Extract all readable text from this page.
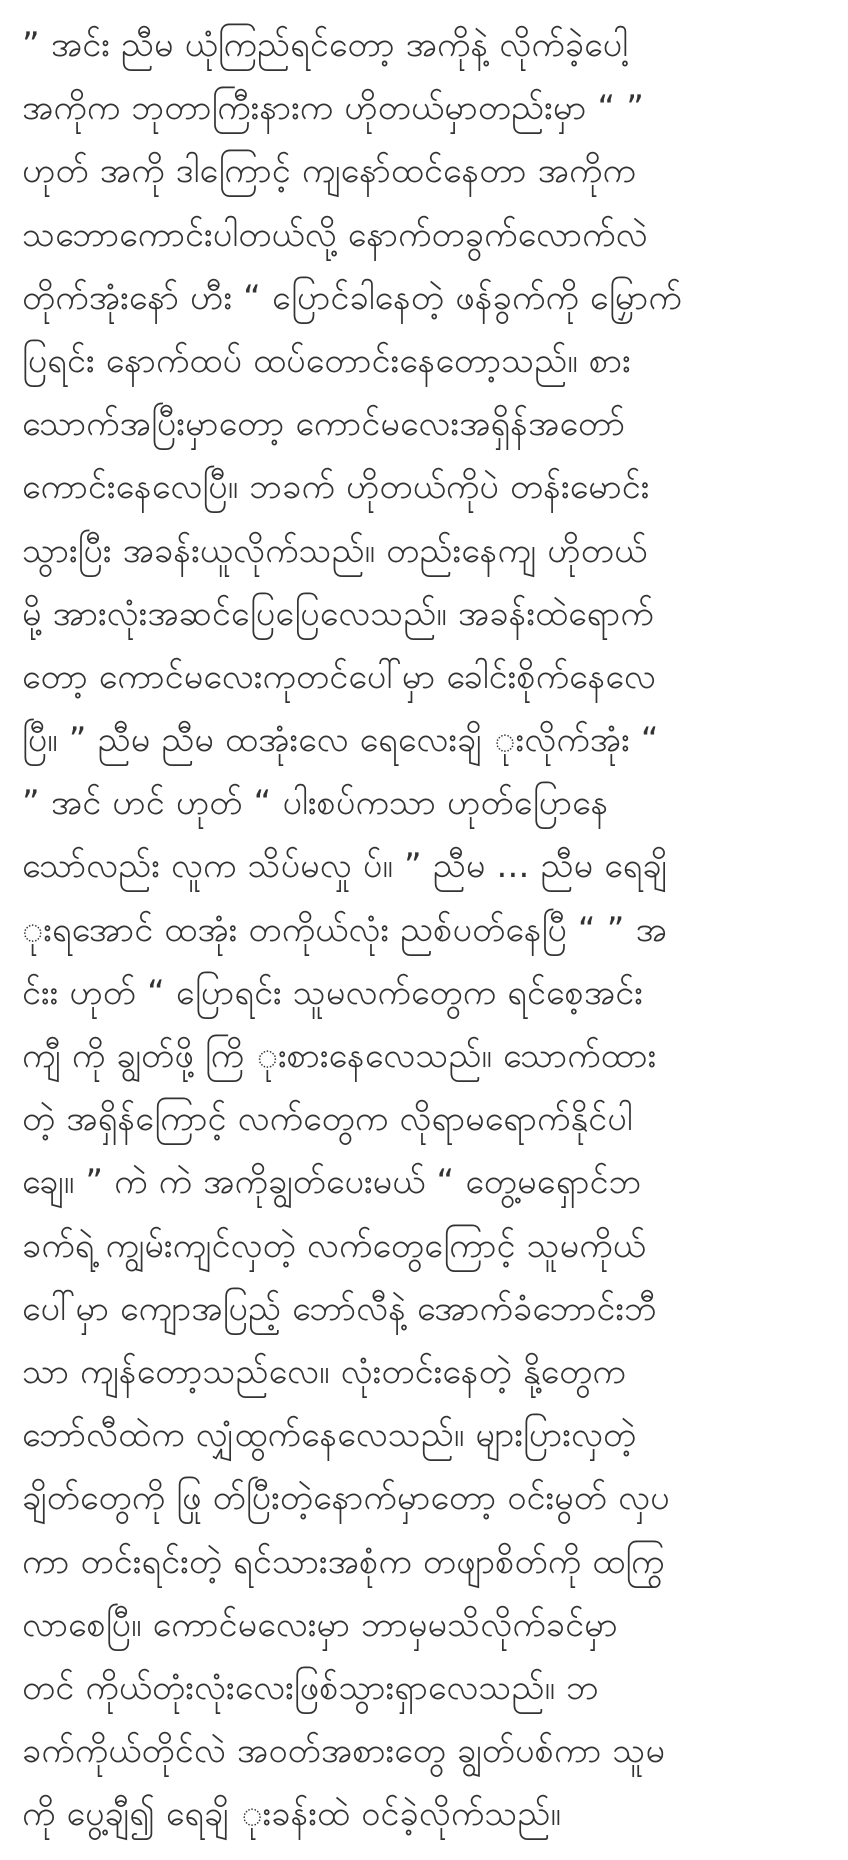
” အင်း ညီမ ယုံကြည်ရင်တော့ အကိုနဲ့ လိုက်ခဲ့ပေါ့
အကိုက ဘုတာကြီးနားက ဟိုတယ်မှာတည်းမှာ “ ”
ဟုတ် အကို ဒါကြောင့် ကျနော်ထင်နေတာ အကိုက
သဘောကောင်းပါတယ်လို့ နောက်တခွက်လောက်လဲ
တိုက်အုံးနော် ဟီး “ ပြောင်ခါနေတဲ့ ဖန်ခွက်ကို မြှောက်
ပြရင်း နောက်ထပ် ထပ်တောင်းနေတော့သည်။ စား
သောက်အပြီးမှာတော့ ကောင်မလေးအရှိန်အတော်
ကောင်းနေလေပြီ။ ဘခက် ဟိုတယ်ကိုပဲ တန်းမောင်း
သွားပြီး အခန်းယူလိုက်သည်။ တည်းနေကျ ဟိုတယ်
မို့ အားလုံးအဆင်ပြေပြေလေသည်။ အခန်းထဲရောက်
တော့ ကောင်မလေးကုတင်ပေါ်မှာ ခေါင်းစိုက်နေလေ
ပြီ။ ” ညီမ ညီမ ထအုံးလေ ရေလေးချိ ုးလိုက်အုံး “
” အင် ဟင် ဟုတ် “ ပါးစပ်ကသာ ဟုတ်ပြောနေ
သော်လည်း လူက သိပ်မလှု ပ်။ ” ညီမ ... ညီမ ရေချိ
ုးရအောင် ထအုံး တကိုယ်လုံး ညစ်ပတ်နေပြီ “ ” အ
င်းး ဟုတ် “ ပြောရင်း သူမလက်တွေက ရင်စေ့အင်း
ကျီ ကို ချွတ်ဖို့ ကြိ ုးစားနေလေသည်။ သောက်ထား
တဲ့ အရှိန်ကြောင့် လက်တွေက လိုရာမရောက်နိုင်ပါ
ချေ။ ” ကဲ ကဲ အကိုချွတ်ပေးမယ် “ တွေ့မရှောင်ဘ
ခက်ရဲ့ ကျွမ်းကျင်လှတဲ့ လက်တွေကြောင့် သူမကိုယ်
ပေါ်မှာ ကျောအပြည့် ဘော်လီနဲ့ အောက်ခံဘောင်းဘီ
သာ ကျန်တော့သည်လေ။ လုံးတင်းနေတဲ့ နို့တွေက
ဘော်လီထဲက လျှံထွက်နေလေသည်။ များပြားလှတဲ့
ချိတ်တွေကို ဖြု တ်ပြီးတဲ့နောက်မှာတော့ ဝင်းမွတ် လှပ
ကာ တင်းရင်းတဲ့ ရင်သားအစုံက တဖျာစိတ်ကို ထကြွ
လာစေပြီ။ ကောင်မလေးမှာ ဘာမှမသိလိုက်ခင်မှာ
တင် ကိုယ်တုံးလုံးလေးဖြစ်သွားရှာလေသည်။ ဘ
ခက်ကိုယ်တိုင်လဲ အဝတ်အစားတွေ ချွတ်ပစ်ကာ သူမ
ကို ပွေ့ချီ၍ ရေချိ ုးခန်းထဲ ဝင်ခဲ့လိုက်သည်။
